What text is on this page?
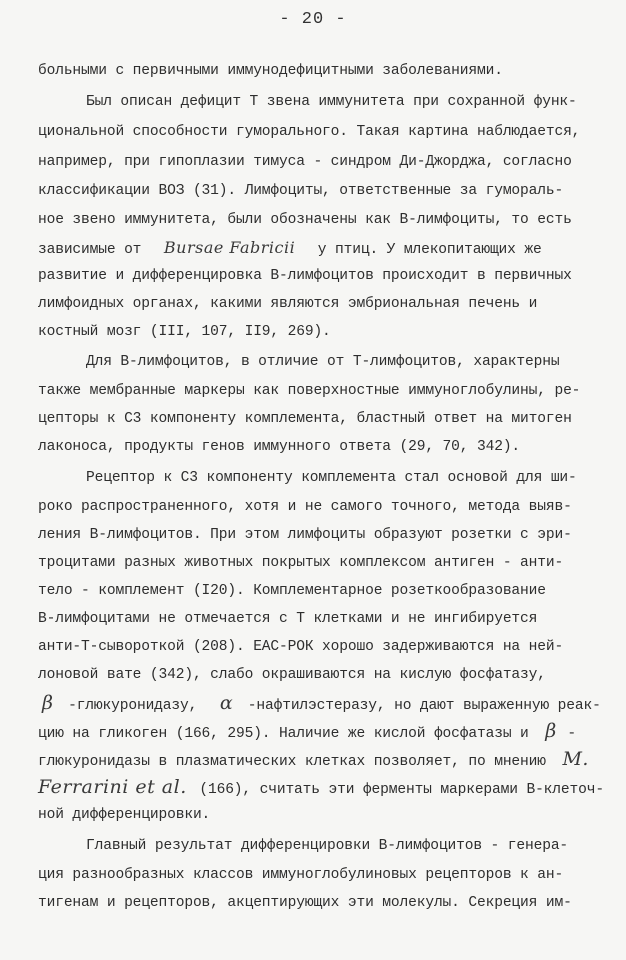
- 20 -
больными с первичными иммунодефицитными заболеваниями.
Был описан дефицит Т звена иммунитета при сохранной функ-
циональной способности гуморального. Такая картина наблюдается,
например, при гипоплазии тимуса - синдром Ди-Джорджа, согласно
классификации ВОЗ (31). Лимфоциты, ответственные за гумораль-
ное звено иммунитета, были обозначены как В-лимфоциты, то есть
зависимые от Bursae Fabricii у птиц. У млекопитающих же
развитие и дифференцировка В-лимфоцитов происходит в первичных
лимфоидных органах, какими являются эмбриональная печень и
костный мозг (III, 107, II9, 269).
Для В-лимфоцитов, в отличие от Т-лимфоцитов, характерны
также мембранные маркеры как поверхностные иммуноглобулины, ре-
цепторы к С3 компоненту комплемента, бластный ответ на митоген
лаконоса, продукты генов иммунного ответа (29, 70, 342).
Рецептор к С3 компоненту комплемента стал основой для ши-
роко распространенного, хотя и не самого точного, метода выяв-
ления В-лимфоцитов. При этом лимфоциты образуют розетки с эри-
троцитами разных животных покрытых комплексом антиген - анти-
тело - комплемент (I20). Комплементарное розеткообразование
В-лимфоцитами не отмечается с Т клетками и не ингибируется
анти-Т-сывороткой (208). ЕАС-РОК хорошо задерживаются на ней-
лоновой вате (342), слабо окрашиваются на кислую фосфатазу,
β -глюкуронидазу, α -нафтилэстеразу, но дают выраженную реак-
цию на гликоген (166, 295). Наличие же кислой фосфатазы и β -
глюкуронидазы в плазматических клетках позволяет, по мнению M.
Ferrarini et al. (166), считать эти ферменты маркерами В-клеточ-
ной дифференцировки.
Главный результат дифференцировки В-лимфоцитов - генера-
ция разнообразных классов иммуноглобулиновых рецепторов к ан-
тигенам и рецепторов, акцептирующих эти молекулы. Секреция им-
